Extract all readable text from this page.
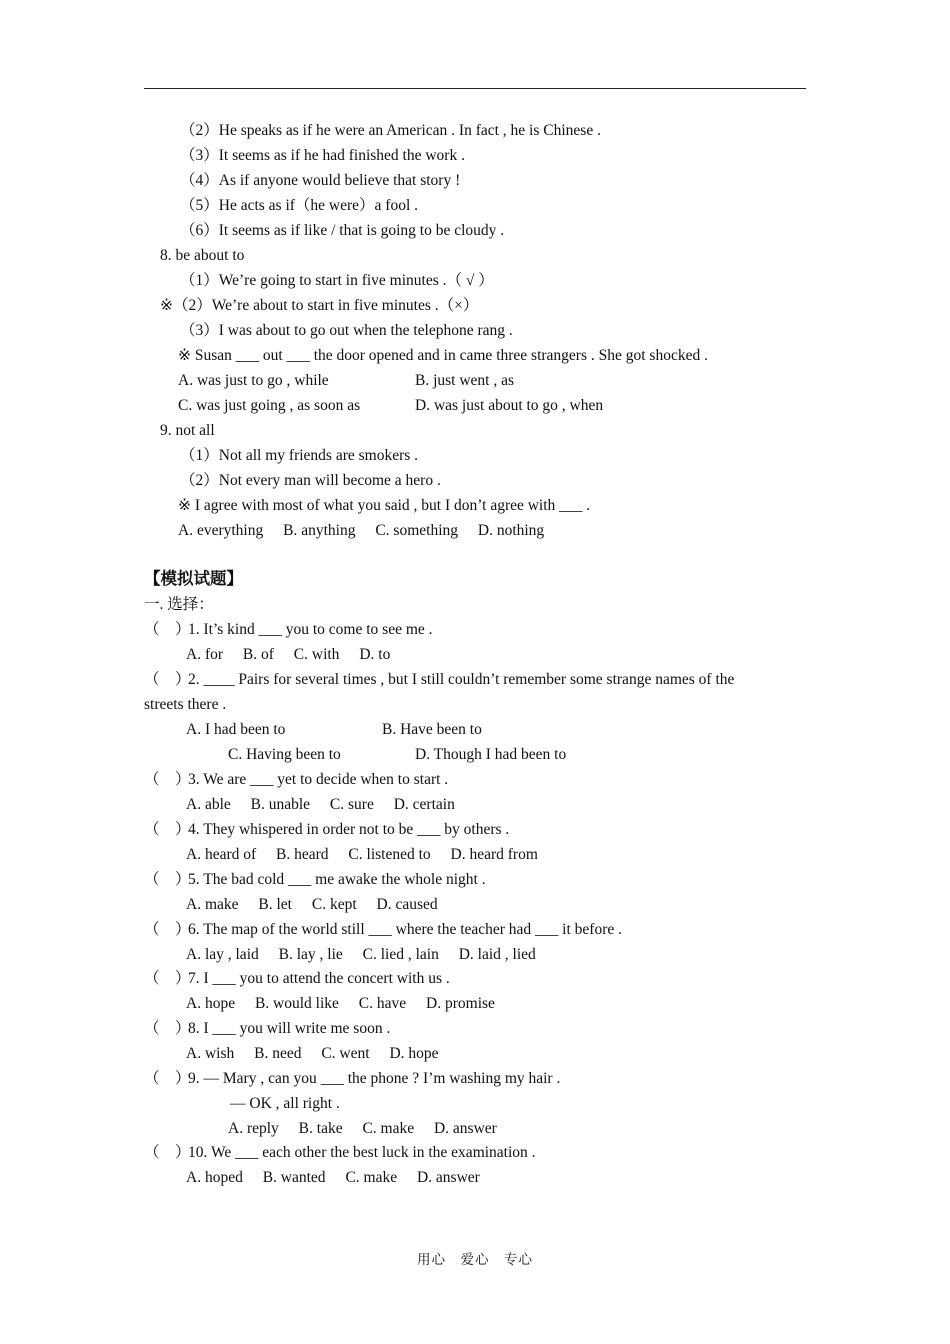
（2）He speaks as if he were an American . In fact , he is Chinese .
（3）It seems as if he had finished the work .
（4）As if anyone would believe that story !
（5）He acts as if（he were）a fool .
（6）It seems as if like / that is going to be cloudy .
8. be about to
（1）We’re going to start in five minutes .（ √ ）
※（2）We’re about to start in five minutes .（×）
（3）I was about to go out when the telephone rang .
※ Susan ___ out ___ the door opened and in came three strangers . She got shocked .
A. was just to go , while	B. just went , as
C. was just going , as soon as	D. was just about to go , when
9. not all
（1）Not all my friends are smokers .
（2）Not every man will become a hero .
※ I agree with most of what you said , but I don’t agree with ___ .
A. everything B. anything C. something D. nothing
【模拟试题】
一. 选择：
（　）1. It’s kind ___ you to come to see me .
A. for B. of C. with D. to
（　）2. ____ Pairs for several times , but I still couldn’t remember some strange names of the
streets there .
A. I had been to	B. Have been to
C. Having been to	D. Though I had been to
（　）3. We are ___ yet to decide when to start .
A. able B. unable C. sure D. certain
（　）4. They whispered in order not to be ___ by others .
A. heard of B. heard C. listened to D. heard from
（　）5. The bad cold ___ me awake the whole night .
A. make B. let C. kept D. caused
（　）6. The map of the world still ___ where the teacher had ___ it before .
A. lay , laid B. lay , lie C. lied , lain D. laid , lied
（　）7. I ___ you to attend the concert with us .
A. hope B. would like C. have D. promise
（　）8. I ___ you will write me soon .
A. wish B. need C. went D. hope
（　）9. — Mary , can you ___ the phone ? I’m washing my hair .
— OK , all right .
A. reply B. take C. make D. answer
（　）10. We ___ each other the best luck in the examination .
A. hoped B. wanted C. make D. answer
用心　爱心　专心
